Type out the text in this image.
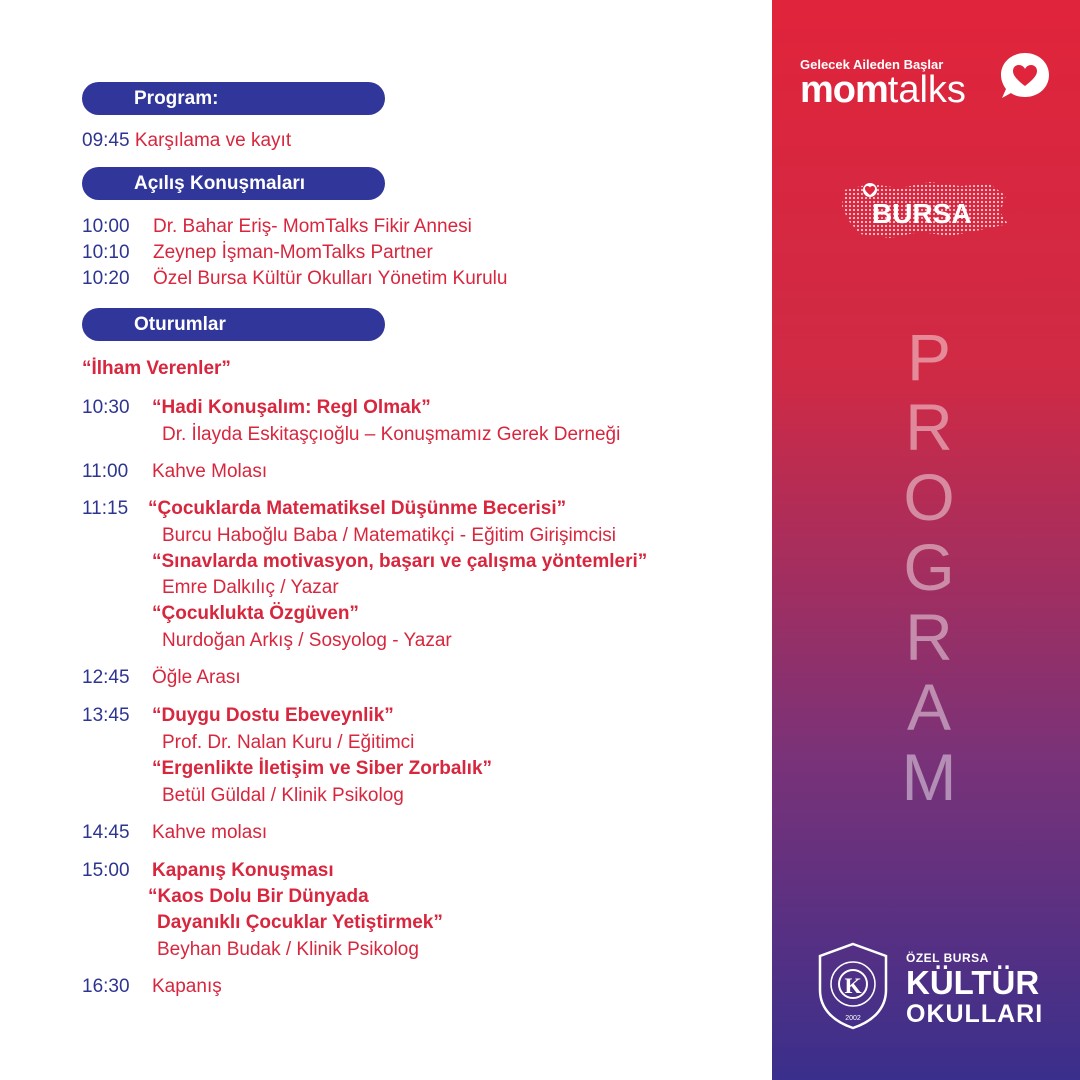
Program:
09:45 Karşılama ve kayıt
Açılış Konuşmaları
10:00 Dr. Bahar Eriş- MomTalks Fikir Annesi
10:10 Zeynep İşman-MomTalks Partner
10:20 Özel Bursa Kültür Okulları Yönetim Kurulu
Oturumlar
“İlham Verenler”
10:30 “Hadi Konuşalım: Regl Olmak”
Dr. İlayda Eskitaşçıoğlu – Konuşmamız Gerek Derneği
11:00 Kahve Molası
11:15 “Çocuklarda Matematiksel Düşünme Becerisi”
Burcu Haboğlu Baba / Matematikçi - Eğitim Girişimcisi
“Sınavlarda motivasyon, başarı ve çalışma yöntemleri”
Emre Dalkılıç / Yazar
“Çocuklukta Özgüven”
Nurdoğan Arkış / Sosyolog - Yazar
12:45 Öğle Arası
13:45 “Duygu Dostu Ebeveynlik”
Prof. Dr. Nalan Kuru / Eğitimci
“Ergenlikte İletişim ve Siber Zorbalık”
Betül Güldal / Klinik Psikolog
14:45 Kahve molası
15:00 Kapanış Konuşması
“Kaos Dolu Bir Dünyada
Dayanıklı Çocuklar Yetiştirmek”
Beyhan Budak / Klinik Psikolog
16:30 Kapanış
Gelecek Aileden Başlar
momtalks
BURSA
P
R
O
G
R
A
M
K
2002
ÖZEL BURSA
KÜLTÜR
OKULLARI
